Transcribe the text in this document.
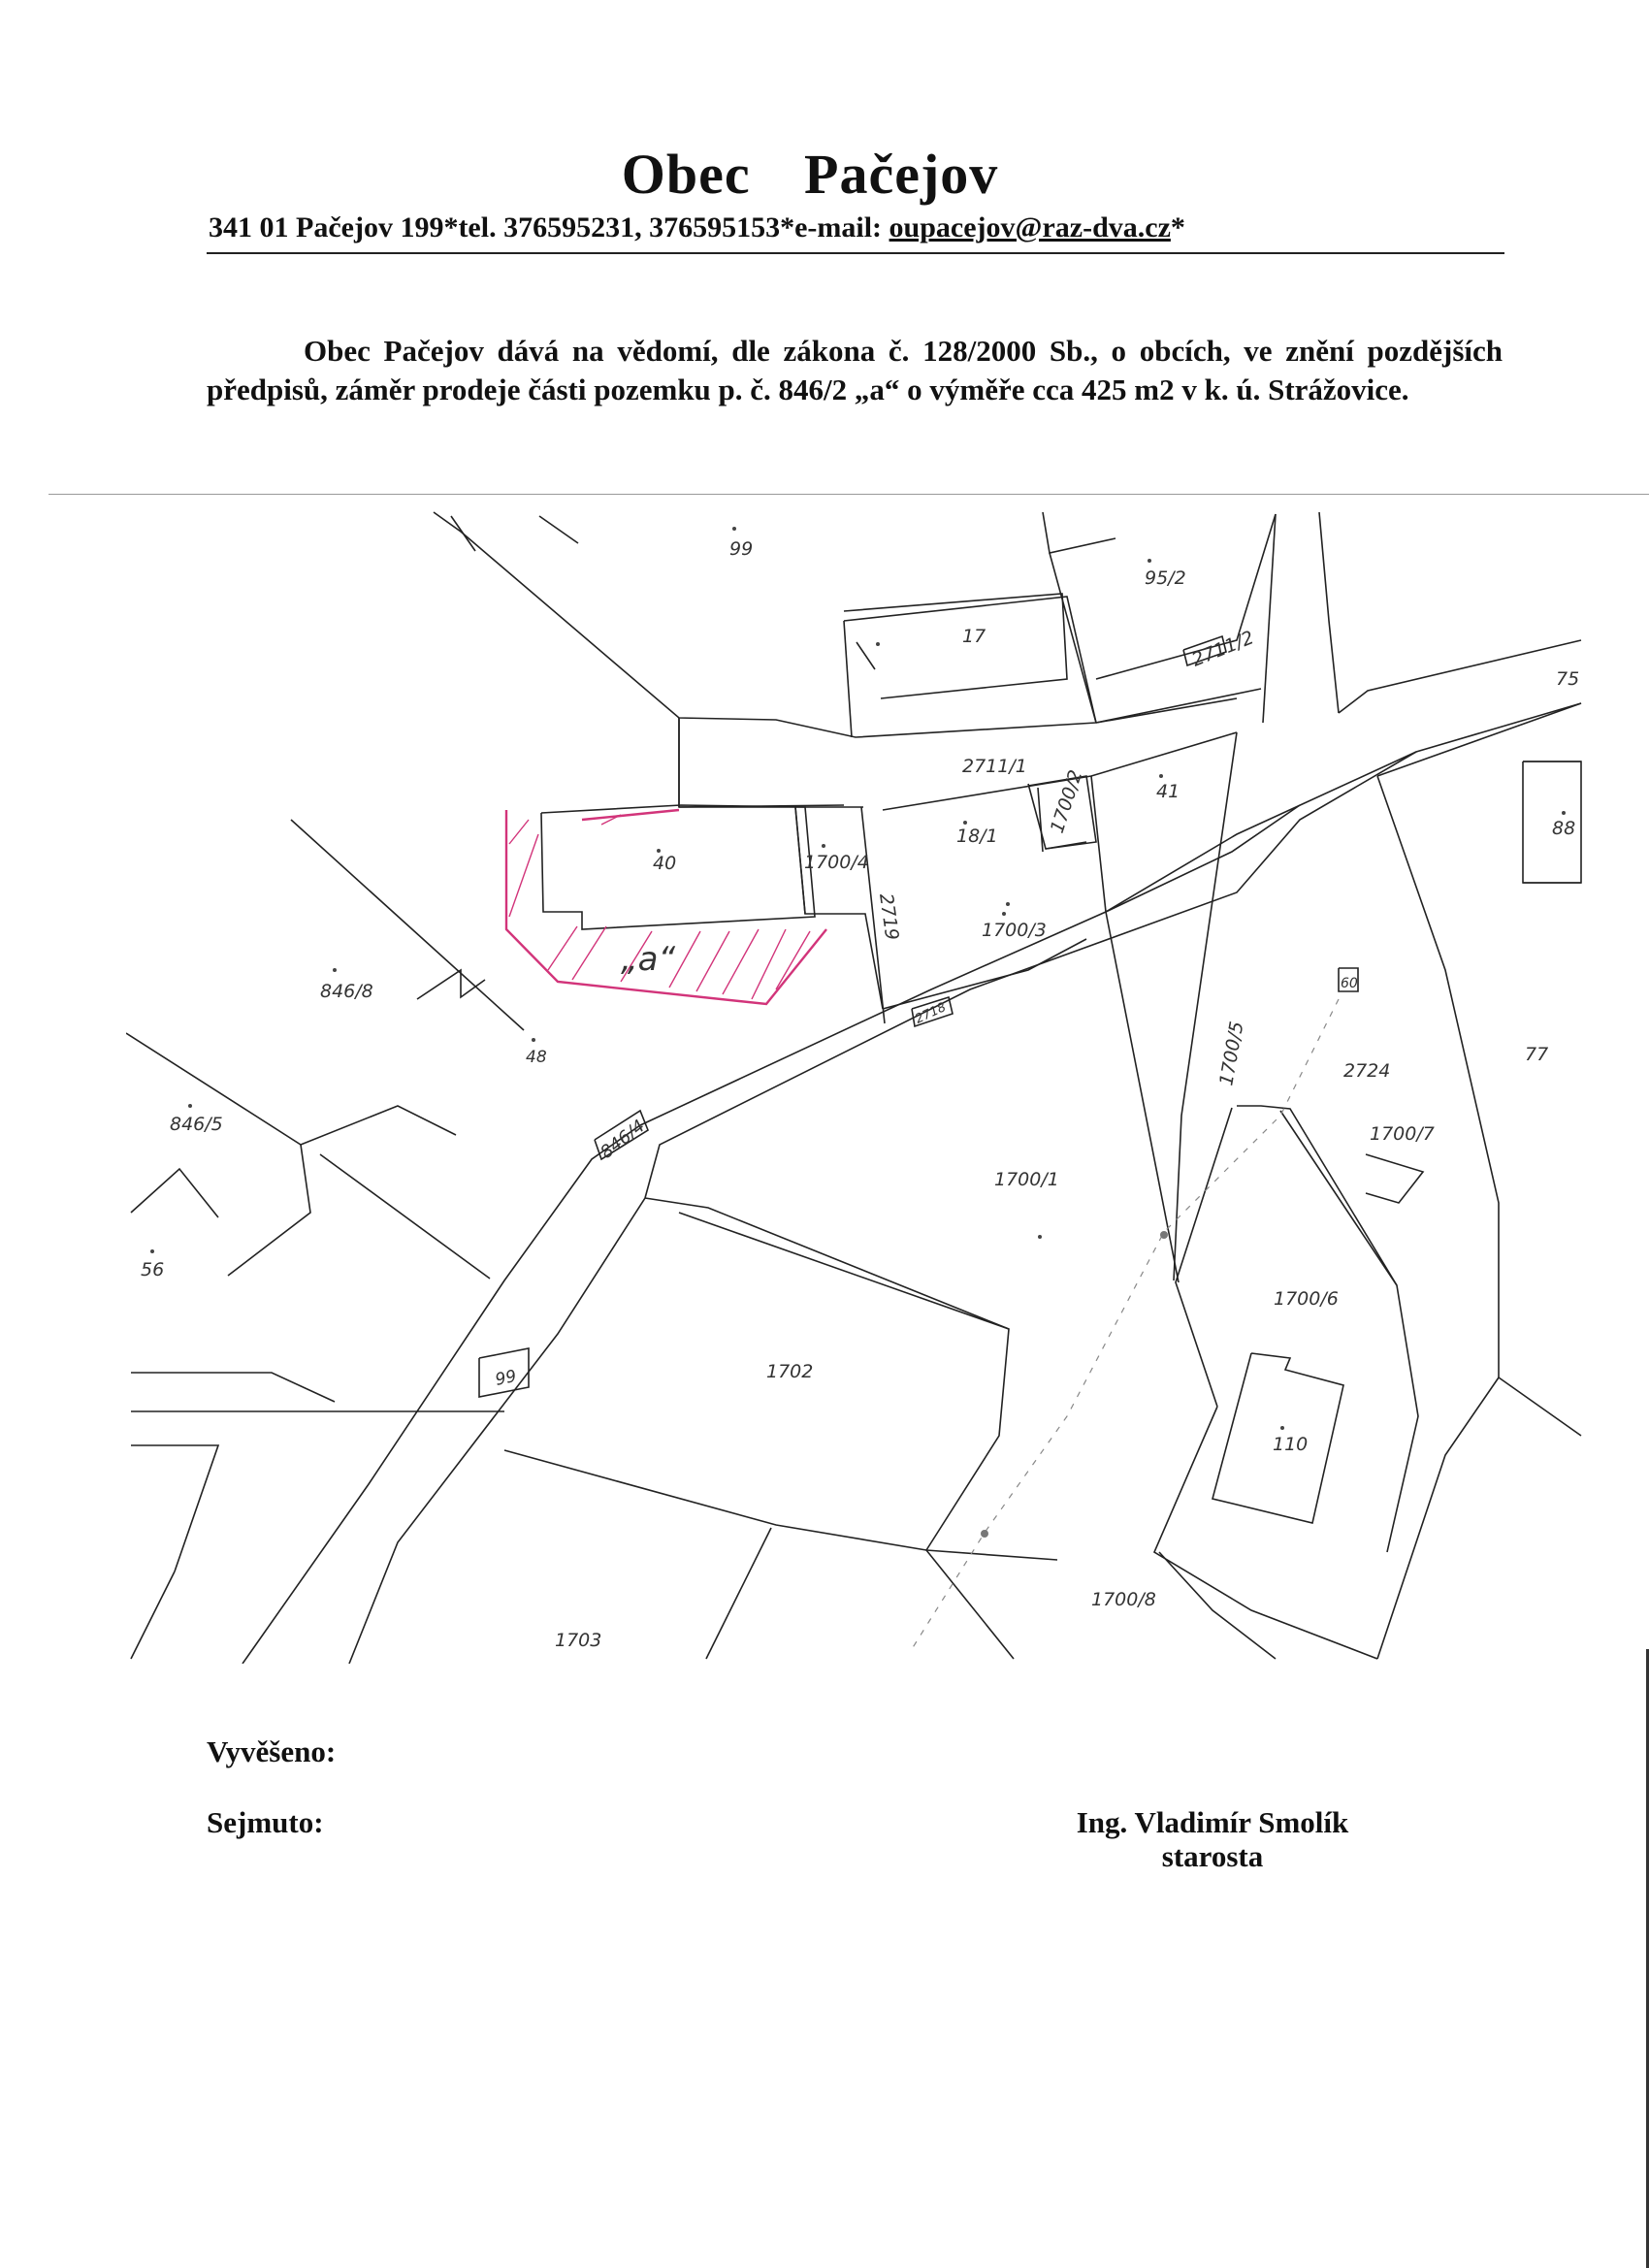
Obec Pačejov
341 01 Pačejov 199*tel. 376595231, 376595153*e-mail: oupacejov@raz-dva.cz*
Obec Pačejov dává na vědomí, dle zákona č. 128/2000 Sb., o obcích, ve znění pozdějších předpisů, záměr prodeje části pozemku p. č. 846/2 „a“ o výměře cca 425 m2 v k. ú. Strážovice.
99
95/2
17	2711/2
75
2711/1
1700/2	41
88
18/1
40	1700/4
2719	1700/3
„a“
846/8
2718
60
1700/5	2724
77
48
846/5	1700/7
846/4
1700/1
56
1700/6
99	1702
110
1700/8
1703
Vyvěšeno:
Sejmuto:	Ing. Vladimír Smolík
starosta
